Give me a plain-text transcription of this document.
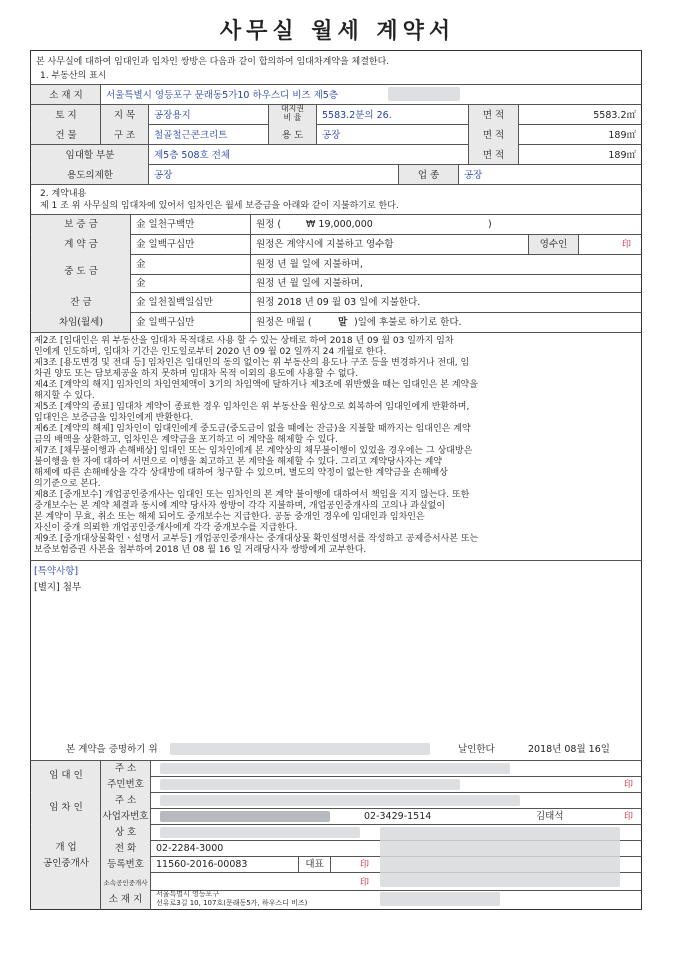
사무실 월세 계약서
본 사무실에 대하여 임대인과 임차인 쌍방은 다음과 같이 합의하여 임대차계약을 체결한다.
1. 부동산의 표시
소 재 지	서울특별시 영등포구 문래동5가10 하우스디 비즈 제5층
토 지	지 목	공장용지
대지권
비 율	5583.2분의 26.	면 적	5583.2㎡
건 물	구 조	철골철근콘크리트	용 도	공장	면 적	189㎡
임대할 부분	제5층 508호 전체	면 적	189㎡
용도의제한	공장	업 종	공장
2. 계약내용
제 1 조 위 사무실의 임대차에 있어서 임차인은 월세 보증금을 아래와 같이 지불하기로 한다.
보 증 금	金 일천구백만	원정 (	₩ 19,000,000	)
계 약 금	金 일백구십만	원정은 계약시에 지불하고 영수함	영수인	印
중 도 금
金	원정 년 월 일에 지불하며,
金	원정 년 월 일에 지불하며,
잔 금	金 일천칠백일십만	원정 2018 년 09 월 03 일에 지불한다.
차임(월세)	金 일백구십만	원정은 매월 (	말 )일에 후불로 하기로 한다.
제2조 [임대인은 위 부동산을 임대차 목적대로 사용 할 수 있는 상태로 하여 2018 년 09 월 03 일까지 임차
인에게 인도하며, 임대차 기간은 인도일로부터 2020 년 09 월 02 일까지 24 개월로 한다.
제3조 [용도변경 및 전대 등] 임차인은 임대인의 동의 없이는 위 부동산의 용도나 구조 등을 변경하거나 전대, 임
차권 양도 또는 담보제공을 하지 못하며 임대차 목적 이외의 용도에 사용할 수 없다.
제4조 [계약의 해지] 임차인의 차임연체액이 3기의 차임액에 달하거나 제3조에 위반했을 때는 임대인은 본 계약을
해지할 수 있다.
제5조 [계약의 종료] 임대차 계약이 종료한 경우 임차인은 위 부동산을 원상으로 회복하여 임대인에게 반환하며,
임대인은 보증금을 임차인에게 반환한다.
제6조 [계약의 해제] 임차인이 임대인에게 중도금(중도금이 없을 때에는 잔금)을 지불할 때까지는 임대인은 계약
금의 배액을 상환하고, 임차인은 계약금을 포기하고 이 계약을 해제할 수 있다.
제7조 [채무불이행과 손해배상] 임대인 또는 임차인에게 본 계약상의 채무불이행이 있었을 경우에는 그 상대방은
불이행을 한 자에 대하여 서면으로 이행을 최고하고 본 계약을 해제할 수 있다. 그리고 계약당사자는 계약
해제에 따른 손해배상을 각각 상대방에 대하여 청구할 수 있으며, 별도의 약정이 없는한 계약금을 손해배상
의기준으로 본다.
제8조 [중개보수] 개업공인중개사는 임대인 또는 임차인의 본 계약 불이행에 대하여서 책임을 지지 않는다. 또한
중개보수는 본 계약 체결과 동시에 계약 당사자 쌍방이 각각 지불하며, 개업공인중개사의 고의나 과실없이
본 계약이 무효, 취소 또는 해제 되어도 중개보수는 지급한다. 공동 중개인 경우에 임대인과 임차인은
자신이 중개 의뢰한 개업공인중개사에게 각각 중개보수를 지급한다.
제9조 [중개대상물확인ㆍ설명서 교부등] 개업공인중개사는 중개대상물 확인설명서를 작성하고 공제증서사본 또는
보증보험증권 사본을 첨부하여 2018 년 08 월 16 일 거래당사자 쌍방에게 교부한다.
[특약사항]
[별지] 첨부
본 계약을 증명하기 위	날인한다	2018년 08월 16일
임 대 인
주 소
주민번호	印
임 차 인
주 소
사업자번호	02-3429-1514	김태석	印
개 업
공인중개사
상 호
전 화	02-2284-3000
등록번호	11560-2016-00083	대표	印
소속공인중개사	印
소 재 지	서울특별시 영등포구
선유로3길 10, 107호(문래동5가, 하우스디 비즈)
